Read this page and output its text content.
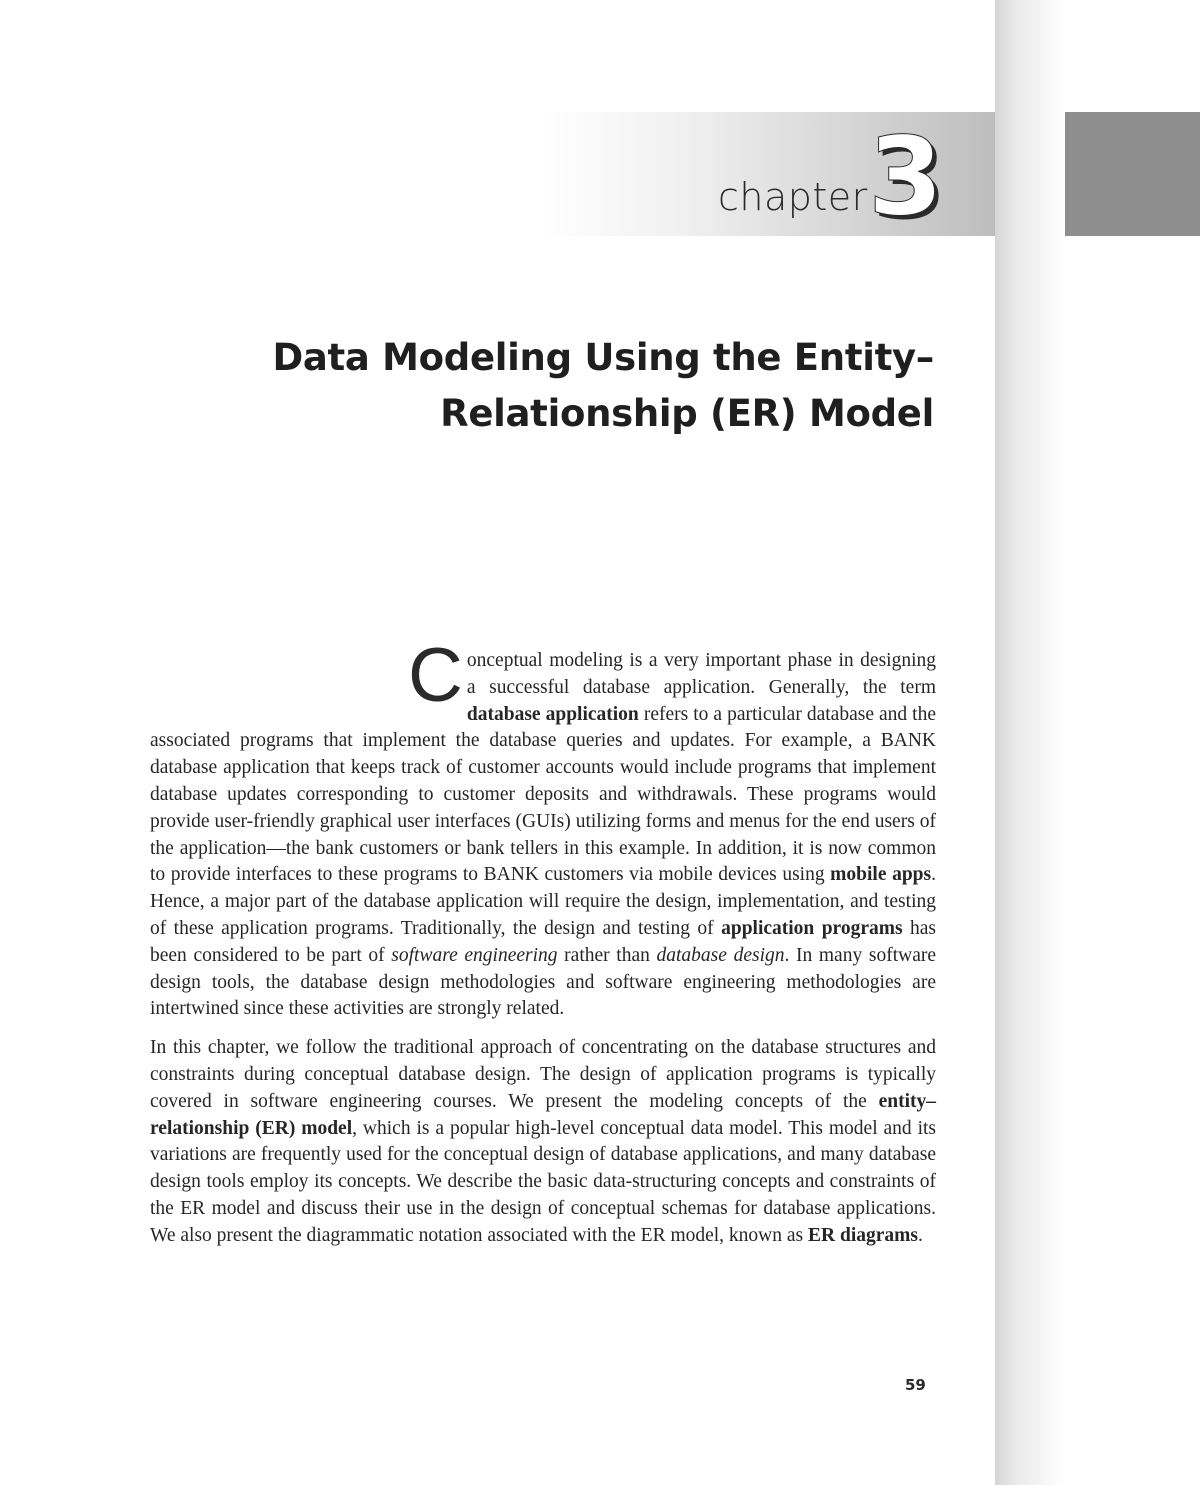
chapter 3
Data Modeling Using the Entity–
Relationship (ER) Model

Conceptual modeling is a very important phase in designing a successful database application. Generally, the term database application refers to a particular database and the associated programs that implement the database queries and updates. For example, a BANK database application that keeps track of customer accounts would include programs that implement database updates corresponding to customer deposits and withdrawals. These programs would provide user-friendly graphical user interfaces (GUIs) utilizing forms and menus for the end users of the application—the bank customers or bank tellers in this example. In addition, it is now common to provide interfaces to these programs to BANK customers via mobile devices using mobile apps. Hence, a major part of the database application will require the design, implementation, and testing of these application programs. Traditionally, the design and testing of application programs has been considered to be part of software engineering rather than database design. In many software design tools, the database design methodologies and software engineering methodologies are intertwined since these activities are strongly related.

In this chapter, we follow the traditional approach of concentrating on the database structures and constraints during conceptual database design. The design of application programs is typically covered in software engineering courses. We present the modeling concepts of the entity–relationship (ER) model, which is a popular high-level conceptual data model. This model and its variations are frequently used for the conceptual design of database applications, and many database design tools employ its concepts. We describe the basic data-structuring concepts and constraints of the ER model and discuss their use in the design of conceptual schemas for database applications. We also present the diagrammatic notation associated with the ER model, known as ER diagrams.

59
